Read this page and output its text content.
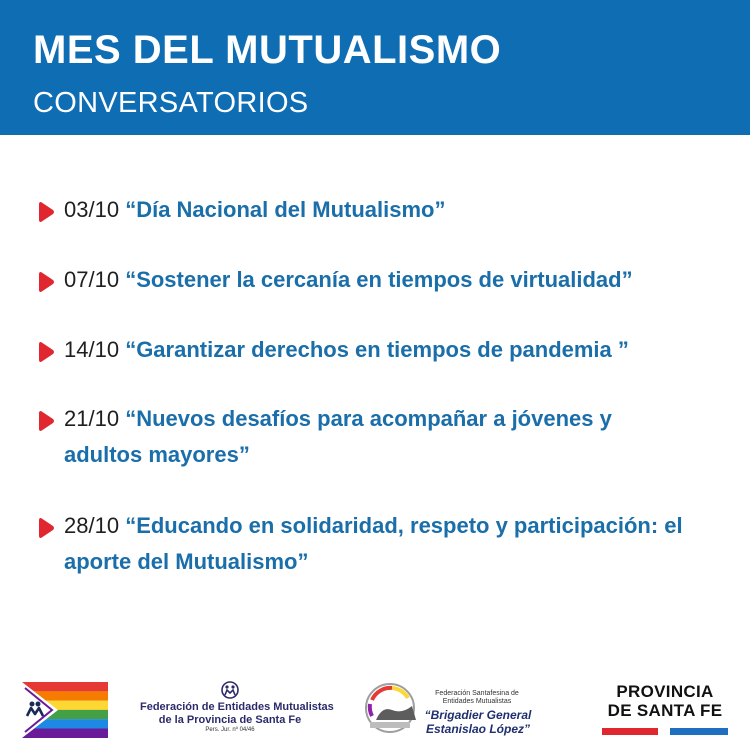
MES DEL MUTUALISMO
CONVERSATORIOS
03/10 “Día Nacional del Mutualismo”
07/10 “Sostener la cercanía en tiempos de virtualidad”
14/10 “Garantizar derechos en tiempos de pandemia ”
21/10 “Nuevos desafíos para acompañar a jóvenes y adultos mayores”
28/10 “Educando en solidaridad, respeto y participación: el aporte del Mutualismo”
Federación de Entidades Mutualistas
de la Provincia de Santa Fe
Pers. Jur. nº 04/46
Federación Santafesina de
Entidades Mutualistas
“Brigadier General
Estanislao López”
PROVINCIA
DE SANTA FE
